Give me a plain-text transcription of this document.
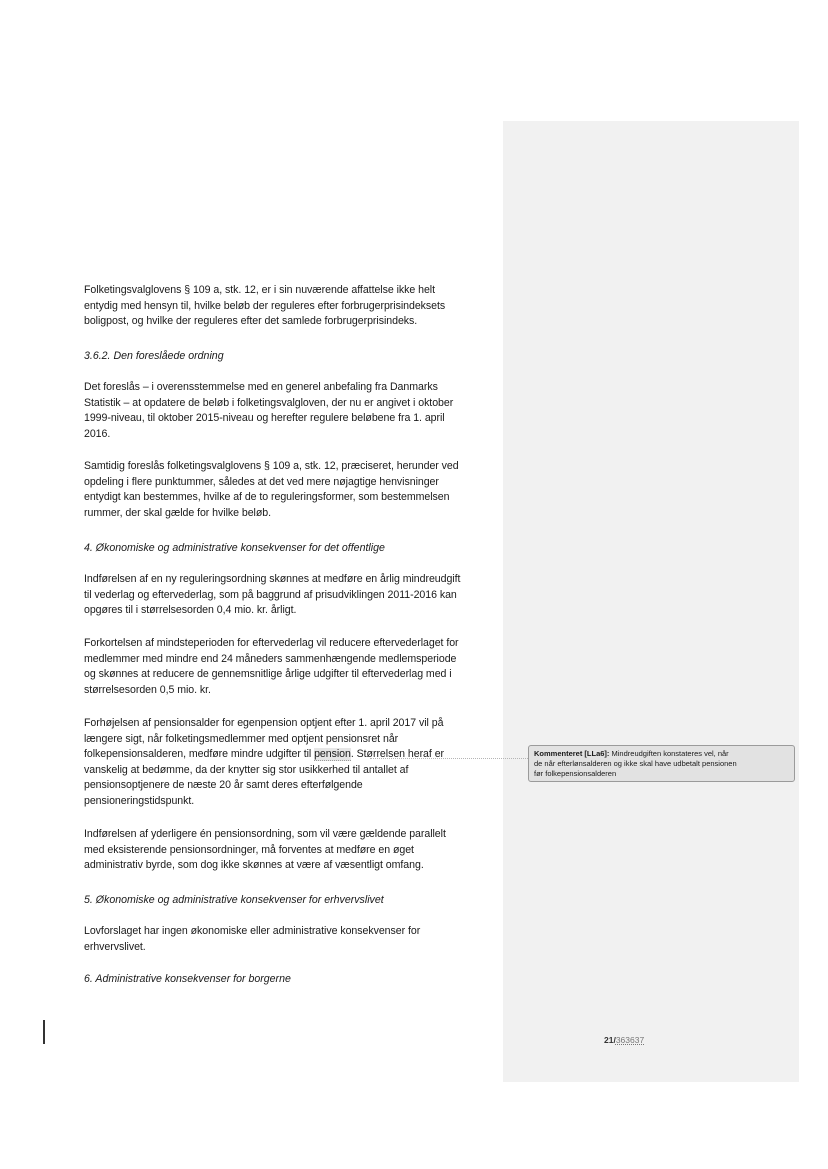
Folketingsvalglovens § 109 a, stk. 12, er i sin nuværende affattelse ikke helt
entydig med hensyn til, hvilke beløb der reguleres efter forbrugerprisindeksets
boligpost, og hvilke der reguleres efter det samlede forbrugerprisindeks.

3.6.2. Den foreslåede ordning

Det foreslås – i overensstemmelse med en generel anbefaling fra Danmarks
Statistik – at opdatere de beløb i folketingsvalgloven, der nu er angivet i oktober
1999-niveau, til oktober 2015-niveau og herefter regulere beløbene fra 1. april
2016.

Samtidig foreslås folketingsvalglovens § 109 a, stk. 12, præciseret, herunder ved
opdeling i flere punktummer, således at det ved mere nøjagtige henvisninger
entydigt kan bestemmes, hvilke af de to reguleringsformer, som bestemmelsen
rummer, der skal gælde for hvilke beløb.

4. Økonomiske og administrative konsekvenser for det offentlige

Indførelsen af en ny reguleringsordning skønnes at medføre en årlig mindreudgift
til vederlag og eftervederlag, som på baggrund af prisudviklingen 2011-2016 kan
opgøres til i størrelsesorden 0,4 mio. kr. årligt.

Forkortelsen af mindsteperioden for eftervederlag vil reducere eftervederlaget for
medlemmer med mindre end 24 måneders sammenhængende medlemsperiode
og skønnes at reducere de gennemsnitlige årlige udgifter til eftervederlag med i
størrelsesorden 0,5 mio. kr.

Forhøjelsen af pensionsalder for egenpension optjent efter 1. april 2017 vil på
længere sigt, når folketingsmedlemmer med optjent pensionsret når
folkepensionsalderen, medføre mindre udgifter til pension. Størrelsen heraf er
vanskelig at bedømme, da der knytter sig stor usikkerhed til antallet af
pensionsoptjenere de næste 20 år samt deres efterfølgende
pensioneringstidspunkt.

Indførelsen af yderligere én pensionsordning, som vil være gældende parallelt
med eksisterende pensionsordninger, må forventes at medføre en øget
administrativ byrde, som dog ikke skønnes at være af væsentligt omfang.

5. Økonomiske og administrative konsekvenser for erhvervslivet

Lovforslaget har ingen økonomiske eller administrative konsekvenser for
erhvervslivet.

6. Administrative konsekvenser for borgerne

Kommenteret [LLa6]: Mindreudgiften konstateres vel, når
de når efterlønsalderen og ikke skal have udbetalt pensionen
før folkepensionsalderen
21/363637
